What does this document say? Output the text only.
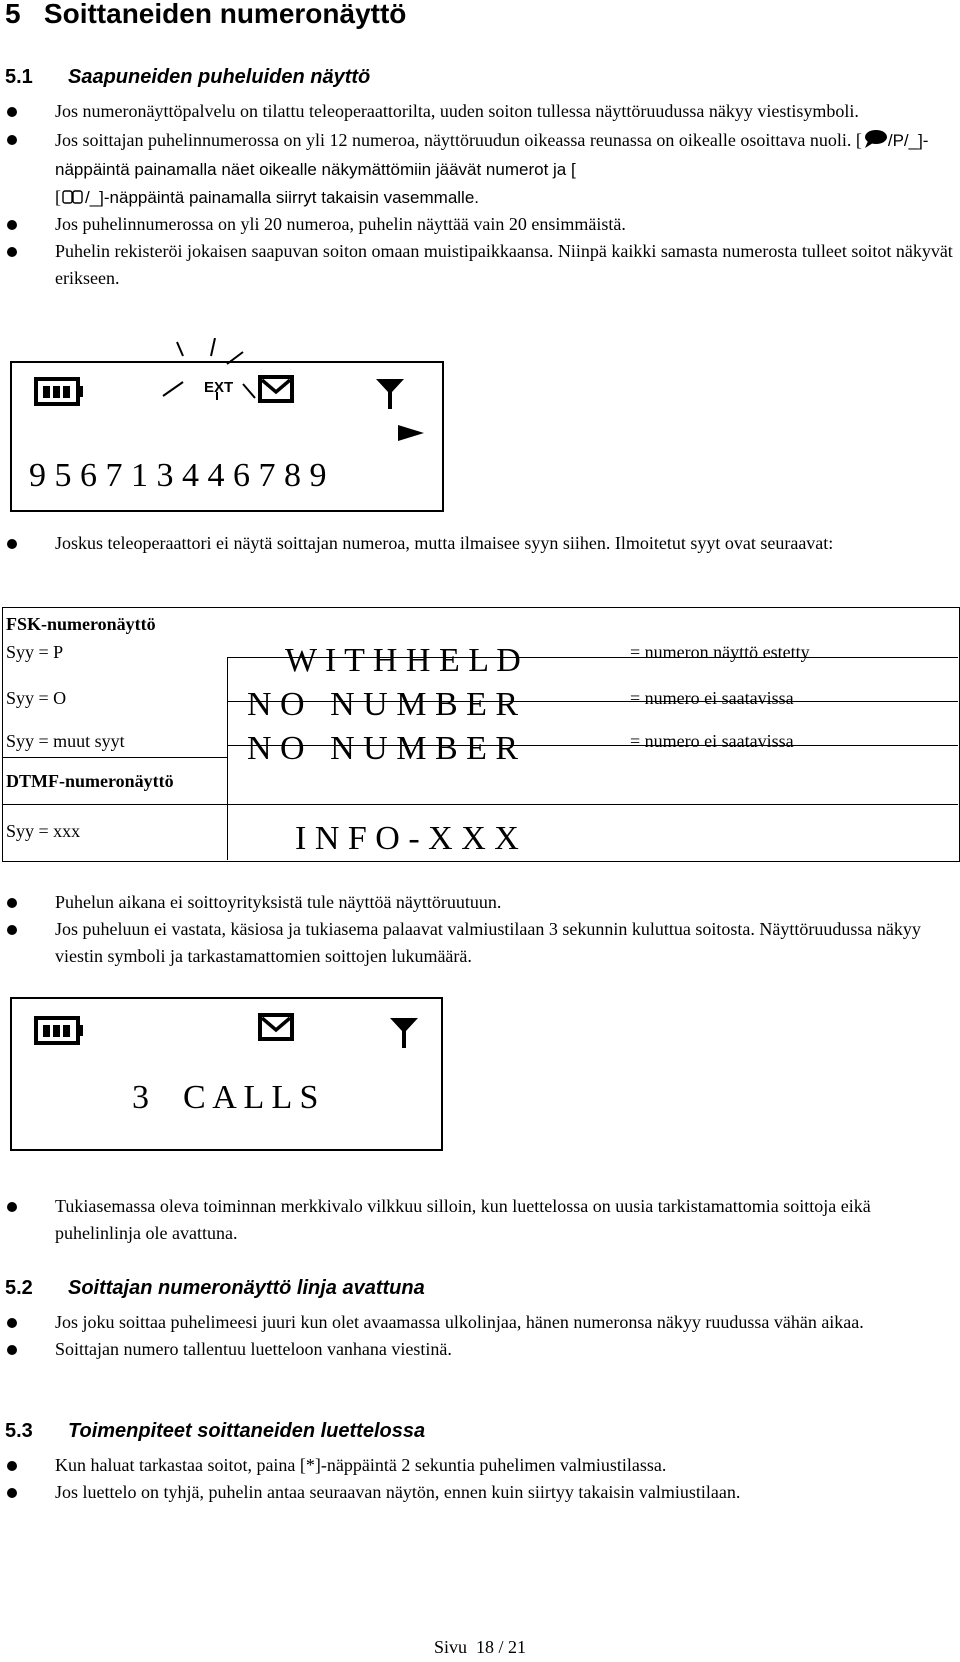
5 Soittaneiden numeronäyttö
5.1 Saapuneiden puheluiden näyttö
Jos numeronäyttöpalvelu on tilattu teleoperaattorilta, uuden soiton tullessa näyttöruudussa näkyy viestisymboli.
Jos soittajan puhelinnumerossa on yli 12 numeroa, näyttöruudun oikeassa reunassa on oikealle osoittava nuoli. [ /P/_]-näppäintä painamalla näet oikealle näkymättömiin jäävät numerot ja [

[ /_]-näppäintä painamalla siirryt takaisin vasemmalle.
Jos puhelinnumerossa on yli 20 numeroa, puhelin näyttää vain 20 ensimmäistä.
Puhelin rekisteröi jokaisen saapuvan soiton omaan muistipaikkaansa. Niinpä kaikki samasta numerosta tulleet soitot näkyvät erikseen.
EXT
9 5 6 7 1 3 4 4 6 7 8 9
Joskus teleoperaattori ei näytä soittajan numeroa, mutta ilmaisee syyn siihen. Ilmoitetut syyt ovat seuraavat:
FSK-numeronäyttö
Syy = P	W I T H H E L D	= numeron näyttö estetty
Syy = O	N O   N U M B E R	= numero ei saatavissa
Syy = muut syyt	N O   N U M B E R	= numero ei saatavissa
DTMF-numeronäyttö
Syy = xxx	I N F O - X X X
Puhelun aikana ei soittoyrityksistä tule näyttöä näyttöruutuun.
Jos puheluun ei vastata, käsiosa ja tukiasema palaavat valmiustilaan 3 sekunnin kuluttua soitosta. Näyttöruudussa näkyy viestin symboli ja tarkastamattomien soittojen lukumäärä.
3    C A L L S
Tukiasemassa oleva toiminnan merkkivalo vilkkuu silloin, kun luettelossa on uusia tarkistamattomia soittoja eikä puhelinlinja ole avattuna.
5.2 Soittajan numeronäyttö linja avattuna
Jos joku soittaa puhelimeesi juuri kun olet avaamassa ulkolinjaa, hänen numeronsa näkyy ruudussa vähän aikaa.
Soittajan numero tallentuu luetteloon vanhana viestinä.
5.3 Toimenpiteet soittaneiden luettelossa
Kun haluat tarkastaa soitot, paina [*]-näppäintä 2 sekuntia puhelimen valmiustilassa.
Jos luettelo on tyhjä, puhelin antaa seuraavan näytön, ennen kuin siirtyy takaisin valmiustilaan.
Sivu  18 / 21
